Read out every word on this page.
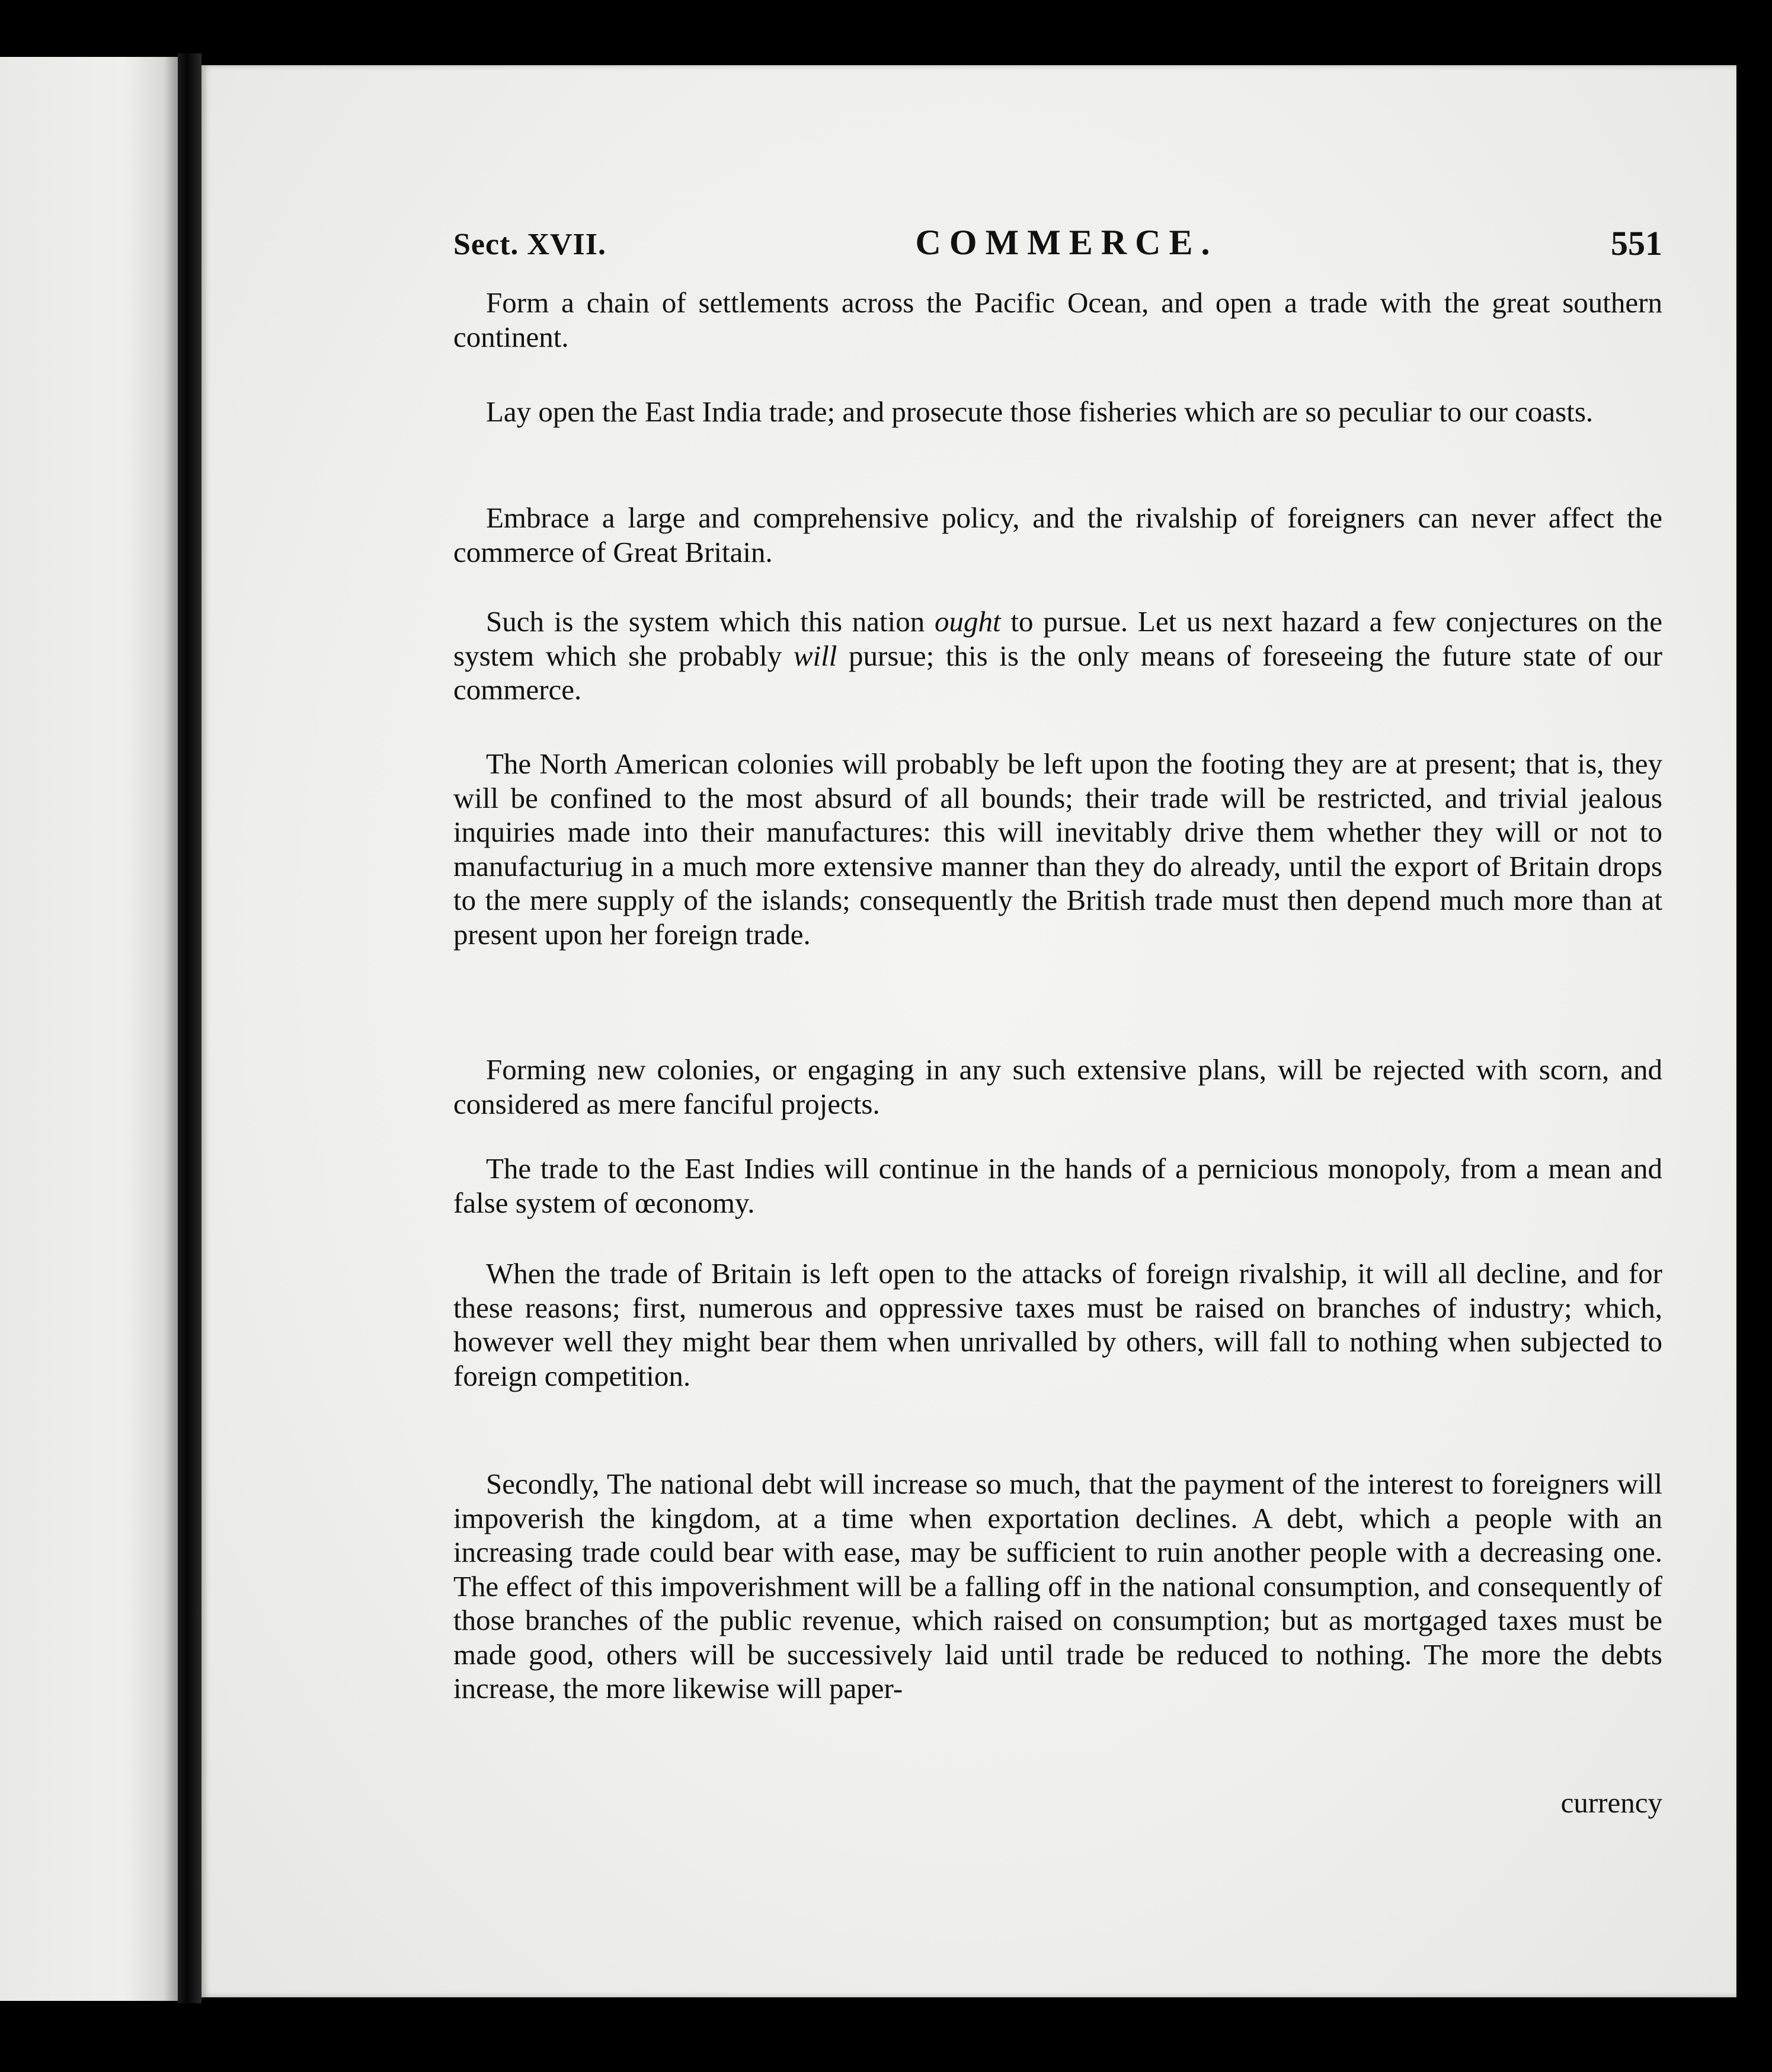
Sect. XVII.	COMMERCE.	551

Form a chain of settlements across the Pacific Ocean, and open a trade with the great southern continent.

Lay open the East India trade; and prosecute those fisheries which are so peculiar to our coasts.

Embrace a large and comprehensive policy, and the rivalship of foreigners can never affect the commerce of Great Britain.

Such is the system which this nation ought to pursue. Let us next hazard a few conjectures on the system which she probably will pursue; this is the only means of foreseeing the future state of our commerce.

The North American colonies will probably be left upon the footing they are at present; that is, they will be confined to the most absurd of all bounds; their trade will be restricted, and trivial jealous inquiries made into their manufactures: this will inevitably drive them whether they will or not to manufacturiug in a much more extensive manner than they do already, until the export of Britain drops to the mere supply of the islands; consequently the British trade must then depend much more than at present upon her foreign trade.

Forming new colonies, or engaging in any such extensive plans, will be rejected with scorn, and considered as mere fanciful projects.

The trade to the East Indies will continue in the hands of a pernicious monopoly, from a mean and false system of œconomy.

When the trade of Britain is left open to the attacks of foreign rivalship, it will all decline, and for these reasons; first, numerous and oppressive taxes must be raised on branches of industry; which, however well they might bear them when unrivalled by others, will fall to nothing when subjected to foreign competition.

Secondly, The national debt will increase so much, that the payment of the interest to foreigners will impoverish the kingdom, at a time when exportation declines. A debt, which a people with an increasing trade could bear with ease, may be sufficient to ruin another people with a decreasing one. The effect of this impoverishment will be a falling off in the national consumption, and consequently of those branches of the public revenue, which raised on consumption; but as mortgaged taxes must be made good, others will be successively laid until trade be reduced to nothing. The more the debts increase, the more likewise will paper-

currency
